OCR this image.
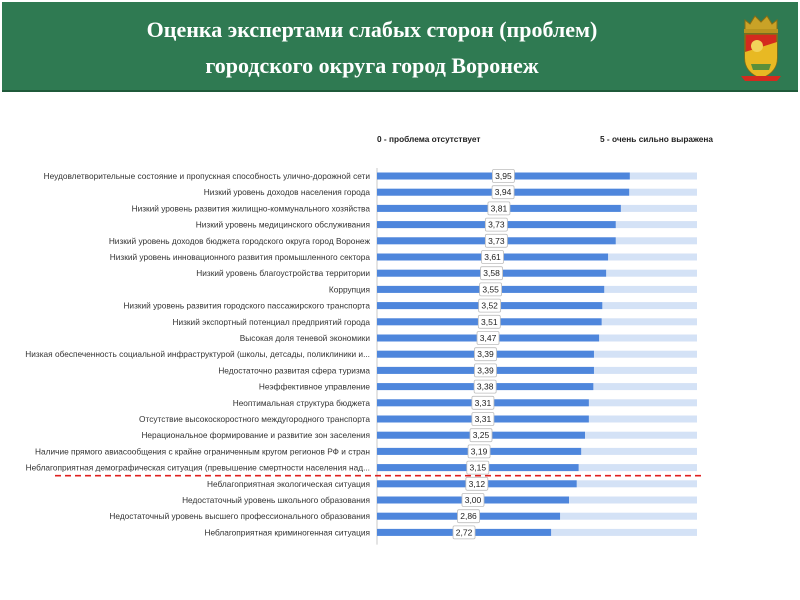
Оценка экспертами слабых сторон (проблем)
городского округа город Воронеж
0 - проблема отсутствует	5 - очень сильно выражена
Неудовлетворительные состояние и пропускная способность улично-дорожной сети	3,95
Низкий уровень доходов населения города	3,94
Низкий уровень развития жилищно-коммунального хозяйства	3,81
Низкий уровень медицинского обслуживания	3,73
Низкий уровень доходов бюджета городского округа город Воронеж	3,73
Низкий уровень инновационного развития промышленного сектора	3,61
Низкий уровень благоустройства территории	3,58
Коррупция	3,55
Низкий уровень развития городского пассажирского транспорта	3,52
Низкий экспортный потенциал предприятий города	3,51
Высокая доля теневой экономики	3,47
Низкая обеспеченность социальной инфраструктурой (школы, детсады, поликлиники и...	3,39
Недостаточно развитая сфера туризма	3,39
Неэффективное управление	3,38
Неоптимальная структура бюджета	3,31
Отсутствие высокоскоростного междугородного транспорта	3,31
Нерациональное формирование и развитие зон заселения	3,25
Наличие прямого авиасообщения с крайне ограниченным кругом регионов РФ и стран	3,19
Неблагоприятная демографическая ситуация (превышение смертности населения над...	3,15
Неблагоприятная экологическая ситуация	3,12
Недостаточный уровень школьного образования	3,00
Недостаточный уровень высшего профессионального образования	2,86
Неблагоприятная криминогенная ситуация	2,72
